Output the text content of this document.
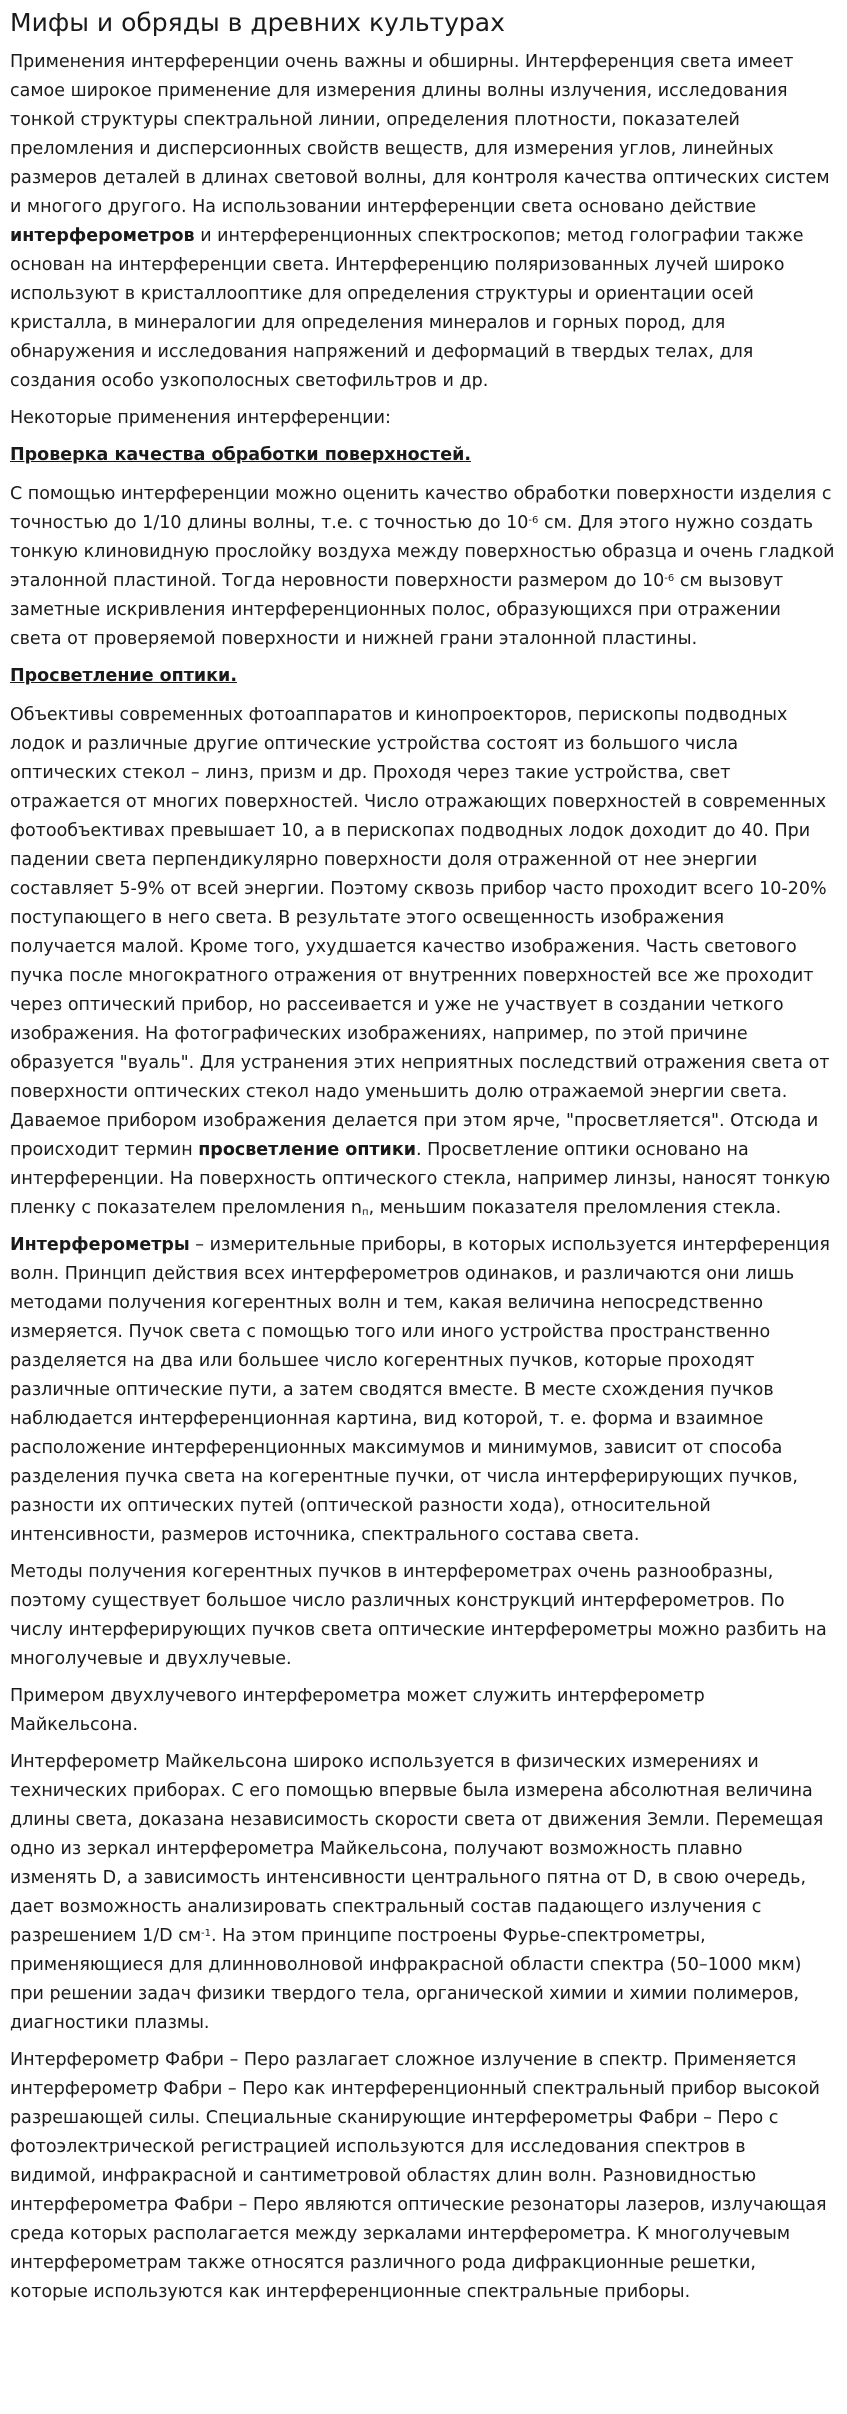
Мифы и обряды в древних культурах

Применения интерференции очень важны и обширны. Интерференция света имеет самое широкое применение для измерения длины волны излучения, исследования тонкой структуры спектральной линии, определения плотности, показателей преломления и дисперсионных свойств веществ, для измерения углов, линейных размеров деталей в длинах световой волны, для контроля качества оптических систем и многого другого. На использовании интерференции света основано действие интерферометров и интерференционных спектроскопов; метод голографии также основан на интерференции света. Интерференцию поляризованных лучей широко используют в кристаллооптике для определения структуры и ориентации осей кристалла, в минералогии для определения минералов и горных пород, для обнаружения и исследования напряжений и деформаций в твердых телах, для создания особо узкополосных светофильтров и др.

Некоторые применения интерференции:

Проверка качества обработки поверхностей.

С помощью интерференции можно оценить качество обработки поверхности изделия с точностью до 1/10 длины волны, т.е. с точностью до $10^{-6}$ см. Для этого нужно создать тонкую клиновидную прослойку воздуха между поверхностью образца и очень гладкой эталонной пластиной. Тогда неровности поверхности размером до $10^{-6}$ см вызовут заметные искривления интерференционных полос, образующихся при отражении света от проверяемой поверхности и нижней грани эталонной пластины.

Просветление оптики.

Объективы современных фотоаппаратов и кинопроекторов, перископы подводных лодок и различные другие оптические устройства состоят из большого числа оптических стекол – линз, призм и др. Проходя через такие устройства, свет отражается от многих поверхностей. Число отражающих поверхностей в современных фотообъективах превышает 10, а в перископах подводных лодок доходит до 40. При падении света перпендикулярно поверхности доля отраженной от нее энергии составляет 5-9% от всей энергии. Поэтому сквозь прибор часто проходит всего 10-20% поступающего в него света. В результате этого освещенность изображения получается малой. Кроме того, ухудшается качество изображения. Часть светового пучка после многократного отражения от внутренних поверхностей все же проходит через оптический прибор, но рассеивается и уже не участвует в создании четкого изображения. На фотографических изображениях, например, по этой причине образуется "вуаль". Для устранения этих неприятных последствий отражения света от поверхности оптических стекол надо уменьшить долю отражаемой энергии света. Даваемое прибором изображения делается при этом ярче, "просветляется". Отсюда и происходит термин просветление оптики. Просветление оптики основано на интерференции. На поверхность оптического стекла, например линзы, наносят тонкую пленку с показателем преломления $n_п$, меньшим показателя преломления стекла.

Интерферометры – измерительные приборы, в которых используется интерференция волн. Принцип действия всех интерферометров одинаков, и различаются они лишь методами получения когерентных волн и тем, какая величина непосредственно измеряется. Пучок света с помощью того или иного устройства пространственно разделяется на два или большее число когерентных пучков, которые проходят различные оптические пути, а затем сводятся вместе. В месте схождения пучков наблюдается интерференционная картина, вид которой, т. е. форма и взаимное расположение интерференционных максимумов и минимумов, зависит от способа разделения пучка света на когерентные пучки, от числа интерферирующих пучков, разности их оптических путей (оптической разности хода), относительной интенсивности, размеров источника, спектрального состава света.

Методы получения когерентных пучков в интерферометрах очень разнообразны, поэтому существует большое число различных конструкций интерферометров. По числу интерферирующих пучков света оптические интерферометры можно разбить на многолучевые и двухлучевые.

Примером двухлучевого интерферометра может служить интерферометр Майкельсона.

Интерферометр Майкельсона широко используется в физических измерениях и технических приборах. С его помощью впервые была измерена абсолютная величина длины света, доказана независимость скорости света от движения Земли. Перемещая одно из зеркал интерферометра Майкельсона, получают возможность плавно изменять D, а зависимость интенсивности центрального пятна от D, в свою очередь, дает возможность анализировать спектральный состав падающего излучения с разрешением 1/D $см^{-1}$. На этом принципе построены Фурье-спектрометры, применяющиеся для длинноволновой инфракрасной области спектра (50–1000 мкм) при решении задач физики твердого тела, органической химии и химии полимеров, диагностики плазмы.

Интерферометр Фабри – Перо разлагает сложное излучение в спектр. Применяется интерферометр Фабри – Перо как интерференционный спектральный прибор высокой разрешающей силы. Специальные сканирующие интерферометры Фабри – Перо с фотоэлектрической регистрацией используются для исследования спектров в видимой, инфракрасной и сантиметровой областях длин волн. Разновидностью интерферометра Фабри – Перо являются оптические резонаторы лазеров, излучающая среда которых располагается между зеркалами интерферометра. К многолучевым интерферометрам также относятся различного рода дифракционные решетки, которые используются как интерференционные спектральные приборы.
